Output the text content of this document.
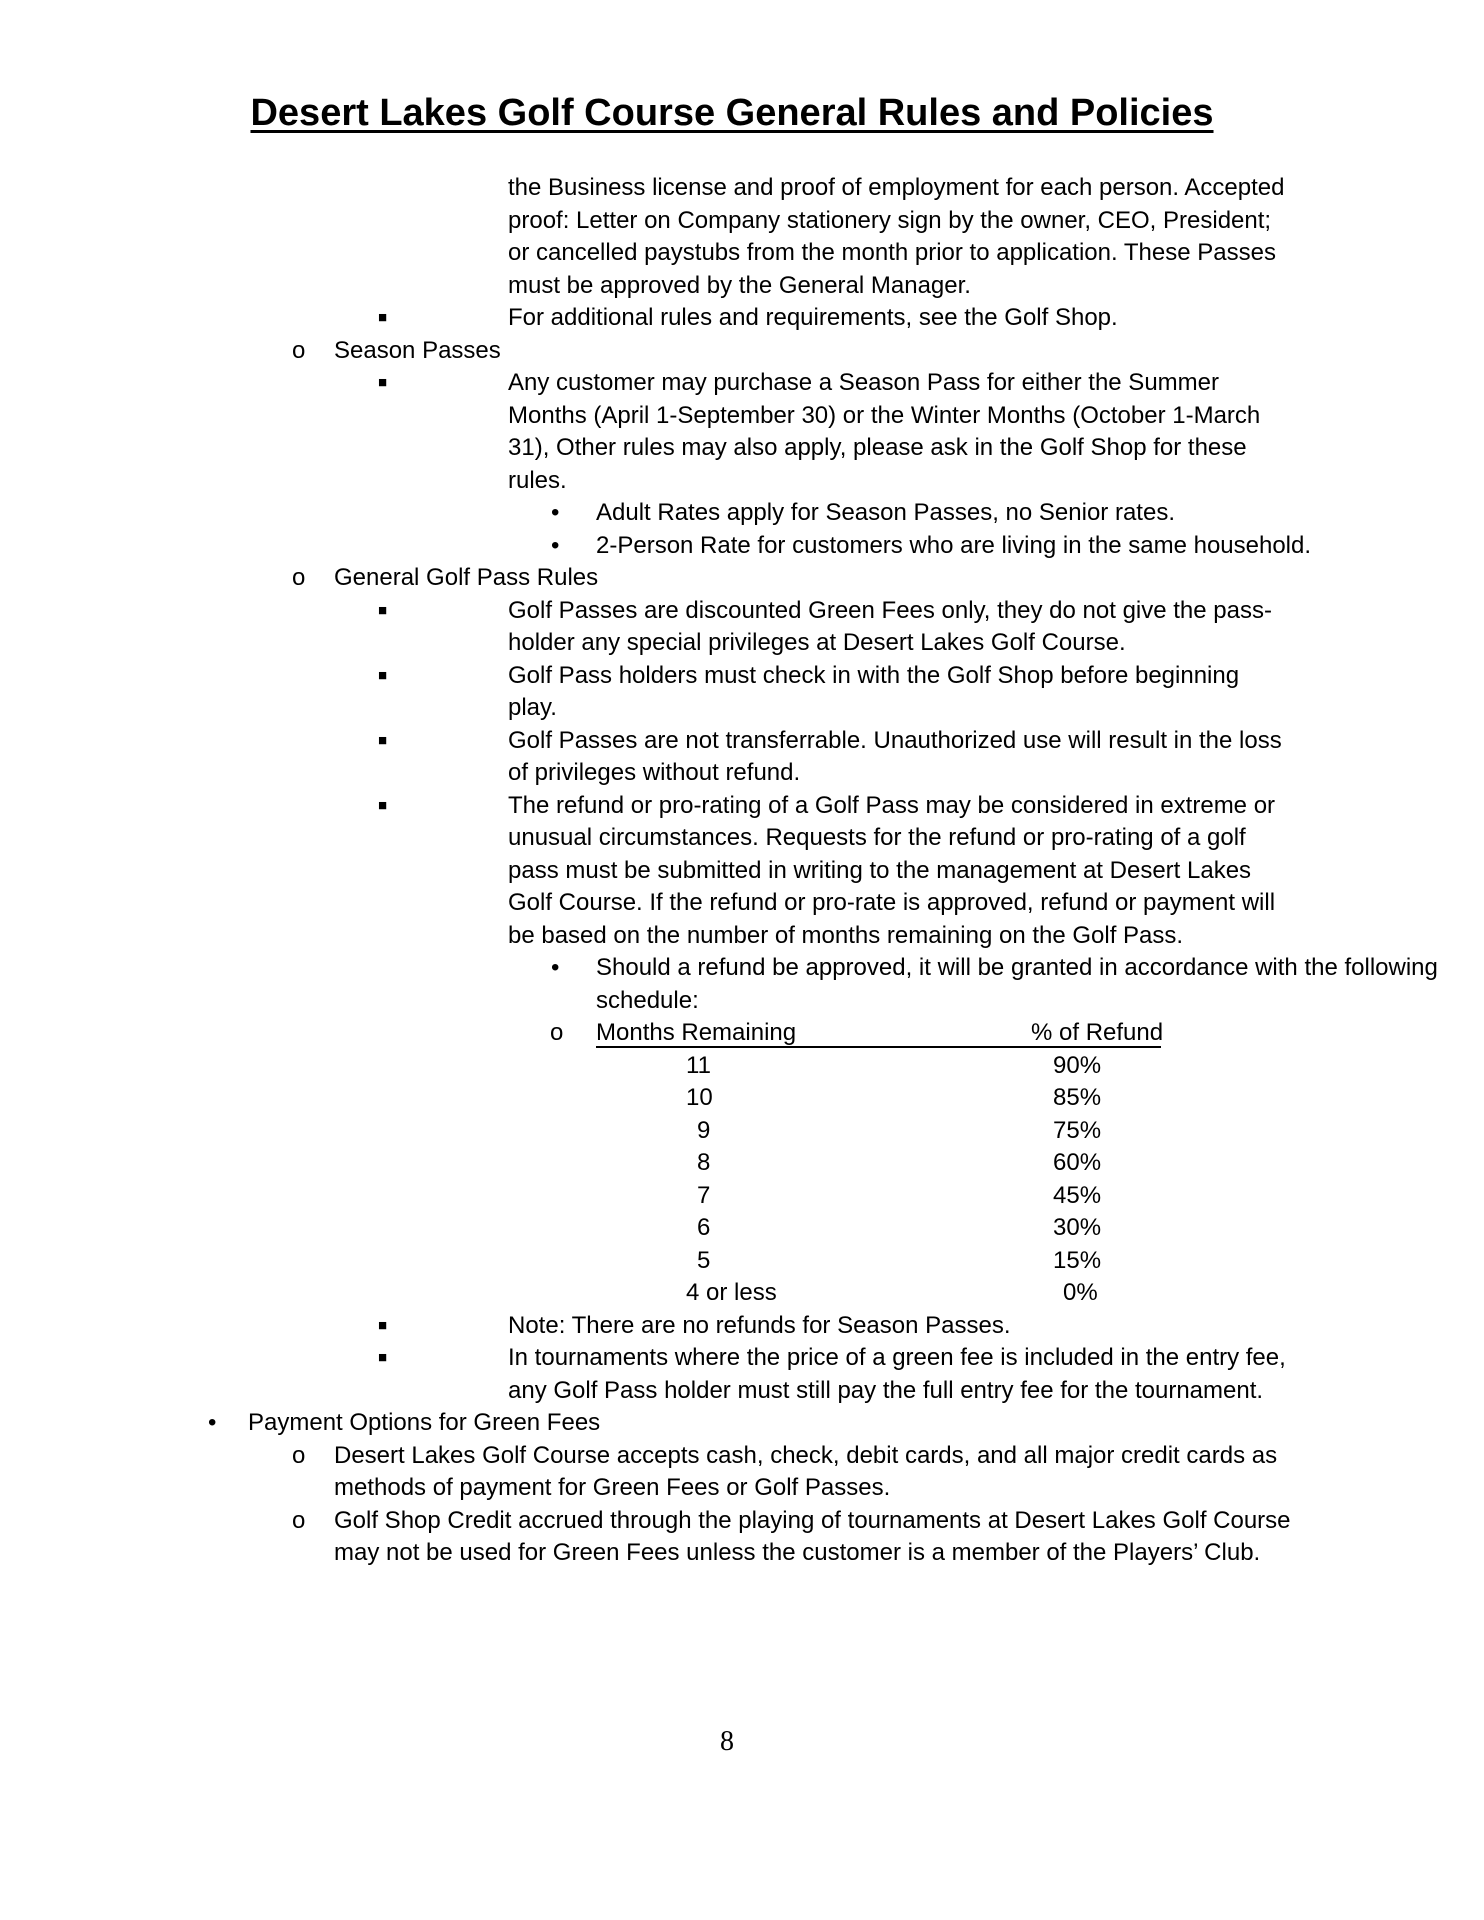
Desert Lakes Golf Course General Rules and Policies
the Business license and proof of employment for each person. Accepted proof: Letter on Company stationery sign by the owner, CEO, President; or cancelled paystubs from the month prior to application. These Passes must be approved by the General Manager.
■	For additional rules and requirements, see the Golf Shop.
o Season Passes
■	Any customer may purchase a Season Pass for either the Summer Months (April 1-September 30) or the Winter Months (October 1-March 31), Other rules may also apply, please ask in the Golf Shop for these rules.
• Adult Rates apply for Season Passes, no Senior rates.
• 2-Person Rate for customers who are living in the same household.
o General Golf Pass Rules
■	Golf Passes are discounted Green Fees only, they do not give the pass-holder any special privileges at Desert Lakes Golf Course.
■	Golf Pass holders must check in with the Golf Shop before beginning play.
■	Golf Passes are not transferrable. Unauthorized use will result in the loss of privileges without refund.
■	The refund or pro-rating of a Golf Pass may be considered in extreme or unusual circumstances. Requests for the refund or pro-rating of a golf pass must be submitted in writing to the management at Desert Lakes Golf Course. If the refund or pro-rate is approved, refund or payment will be based on the number of months remaining on the Golf Pass.
• Should a refund be approved, it will be granted in accordance with the following schedule:
o Months Remaining	% of Refund
11	90%
10	85%
9	75%
8	60%
7	45%
6	30%
5	15%
4 or less	0%
■	Note: There are no refunds for Season Passes.
■	In tournaments where the price of a green fee is included in the entry fee, any Golf Pass holder must still pay the full entry fee for the tournament.
• Payment Options for Green Fees
o Desert Lakes Golf Course accepts cash, check, debit cards, and all major credit cards as methods of payment for Green Fees or Golf Passes.
o Golf Shop Credit accrued through the playing of tournaments at Desert Lakes Golf Course may not be used for Green Fees unless the customer is a member of the Players’ Club.
8
